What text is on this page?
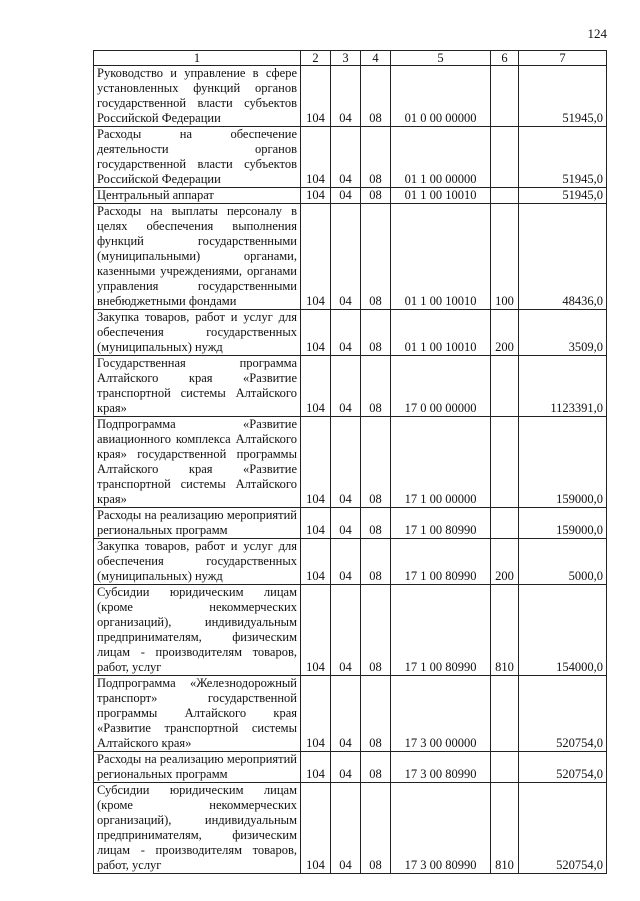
124
1	2	3	4	5	6	7
Руководство и управление в сфере установленных функций органов государственной власти субъектов Российской Федерации	104	04	08	01 0 00 00000		51945,0
Расходы на обеспечение деятельности органов государственной власти субъектов Российской Федерации	104	04	08	01 1 00 00000		51945,0
Центральный аппарат	104	04	08	01 1 00 10010		51945,0
Расходы на выплаты персоналу в целях обеспечения выполнения функций государственными (муниципальными) органами, казенными учреждениями, органами управления государственными внебюджетными фондами	104	04	08	01 1 00 10010	100	48436,0
Закупка товаров, работ и услуг для обеспечения государственных (муниципальных) нужд	104	04	08	01 1 00 10010	200	3509,0
Государственная программа Алтайского края «Развитие транспортной системы Алтайского края»	104	04	08	17 0 00 00000		1123391,0
Подпрограмма «Развитие авиационного комплекса Алтайского края» государственной программы Алтайского края «Развитие транспортной системы Алтайского края»	104	04	08	17 1 00 00000		159000,0
Расходы на реализацию мероприятий региональных программ	104	04	08	17 1 00 80990		159000,0
Закупка товаров, работ и услуг для обеспечения государственных (муниципальных) нужд	104	04	08	17 1 00 80990	200	5000,0
Субсидии юридическим лицам (кроме некоммерческих организаций), индивидуальным предпринимателям, физическим лицам - производителям товаров, работ, услуг	104	04	08	17 1 00 80990	810	154000,0
Подпрограмма «Железнодорожный транспорт» государственной программы Алтайского края «Развитие транспортной системы Алтайского края»	104	04	08	17 3 00 00000		520754,0
Расходы на реализацию мероприятий региональных программ	104	04	08	17 3 00 80990		520754,0
Субсидии юридическим лицам (кроме некоммерческих организаций), индивидуальным предпринимателям, физическим лицам - производителям товаров, работ, услуг	104	04	08	17 3 00 80990	810	520754,0
